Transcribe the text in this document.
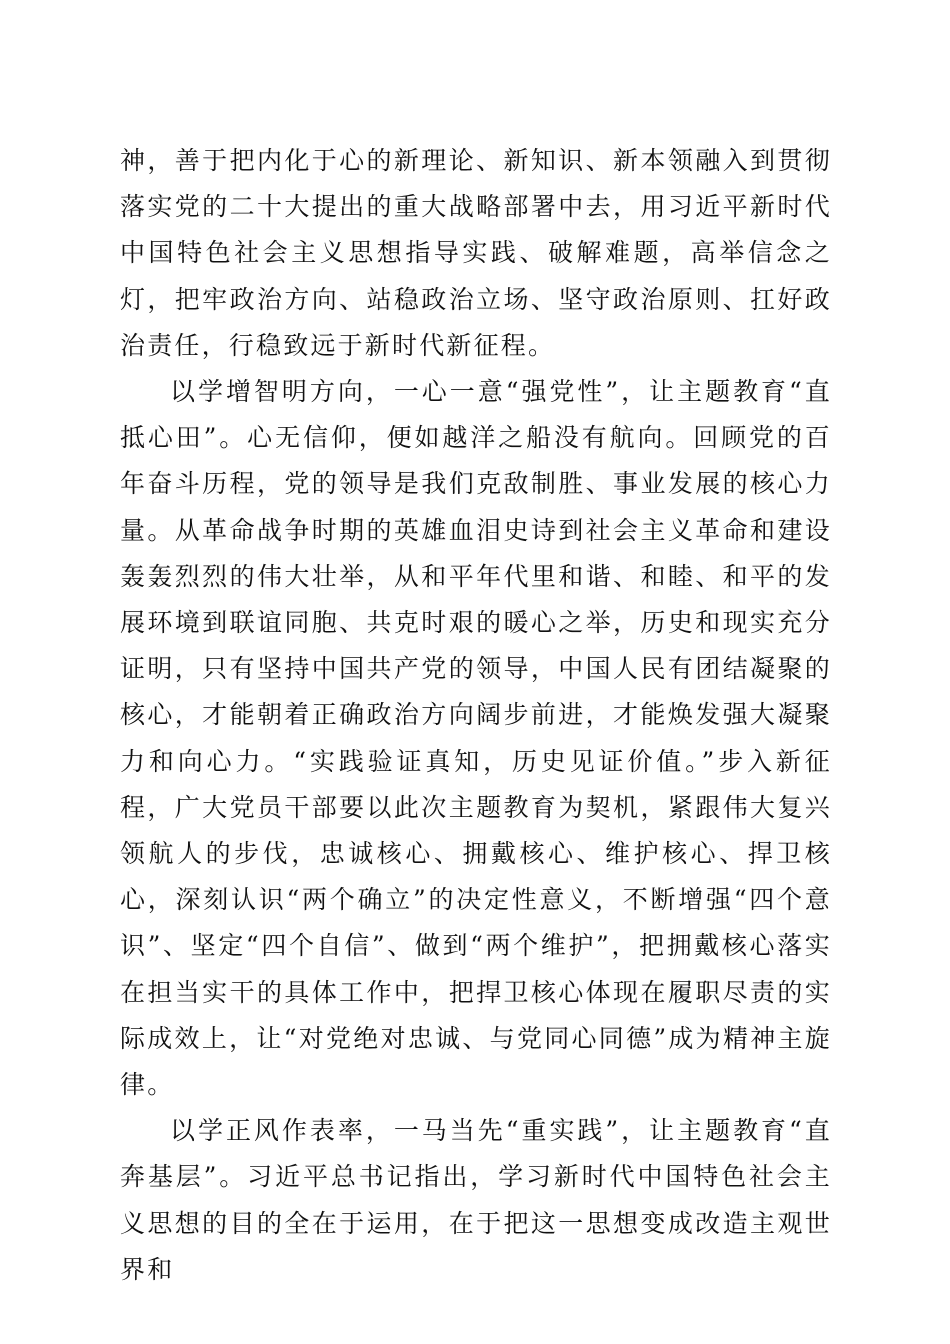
神，善于把内化于心的新理论、新知识、新本领融入到贯彻落实党的二十大提出的重大战略部署中去，用习近平新时代中国特色社会主义思想指导实践、破解难题，高举信念之灯，把牢政治方向、站稳政治立场、坚守政治原则、扛好政治责任，行稳致远于新时代新征程。

以学增智明方向，一心一意“强党性”，让主题教育“直抵心田”。心无信仰，便如越洋之船没有航向。回顾党的百年奋斗历程，党的领导是我们克敌制胜、事业发展的核心力量。从革命战争时期的英雄血泪史诗到社会主义革命和建设轰轰烈烈的伟大壮举，从和平年代里和谐、和睦、和平的发展环境到联谊同胞、共克时艰的暖心之举，历史和现实充分证明，只有坚持中国共产党的领导，中国人民有团结凝聚的核心，才能朝着正确政治方向阔步前进，才能焕发强大凝聚力和向心力。“实践验证真知，历史见证价值。”步入新征程，广大党员干部要以此次主题教育为契机，紧跟伟大复兴领航人的步伐，忠诚核心、拥戴核心、维护核心、捍卫核心，深刻认识“两个确立”的决定性意义，不断增强“四个意识”、坚定“四个自信”、做到“两个维护”，把拥戴核心落实在担当实干的具体工作中，把捍卫核心体现在履职尽责的实际成效上，让“对党绝对忠诚、与党同心同德”成为精神主旋律。

以学正风作表率，一马当先“重实践”，让主题教育“直奔基层”。习近平总书记指出，学习新时代中国特色社会主义思想的目的全在于运用，在于把这一思想变成改造主观世界和
